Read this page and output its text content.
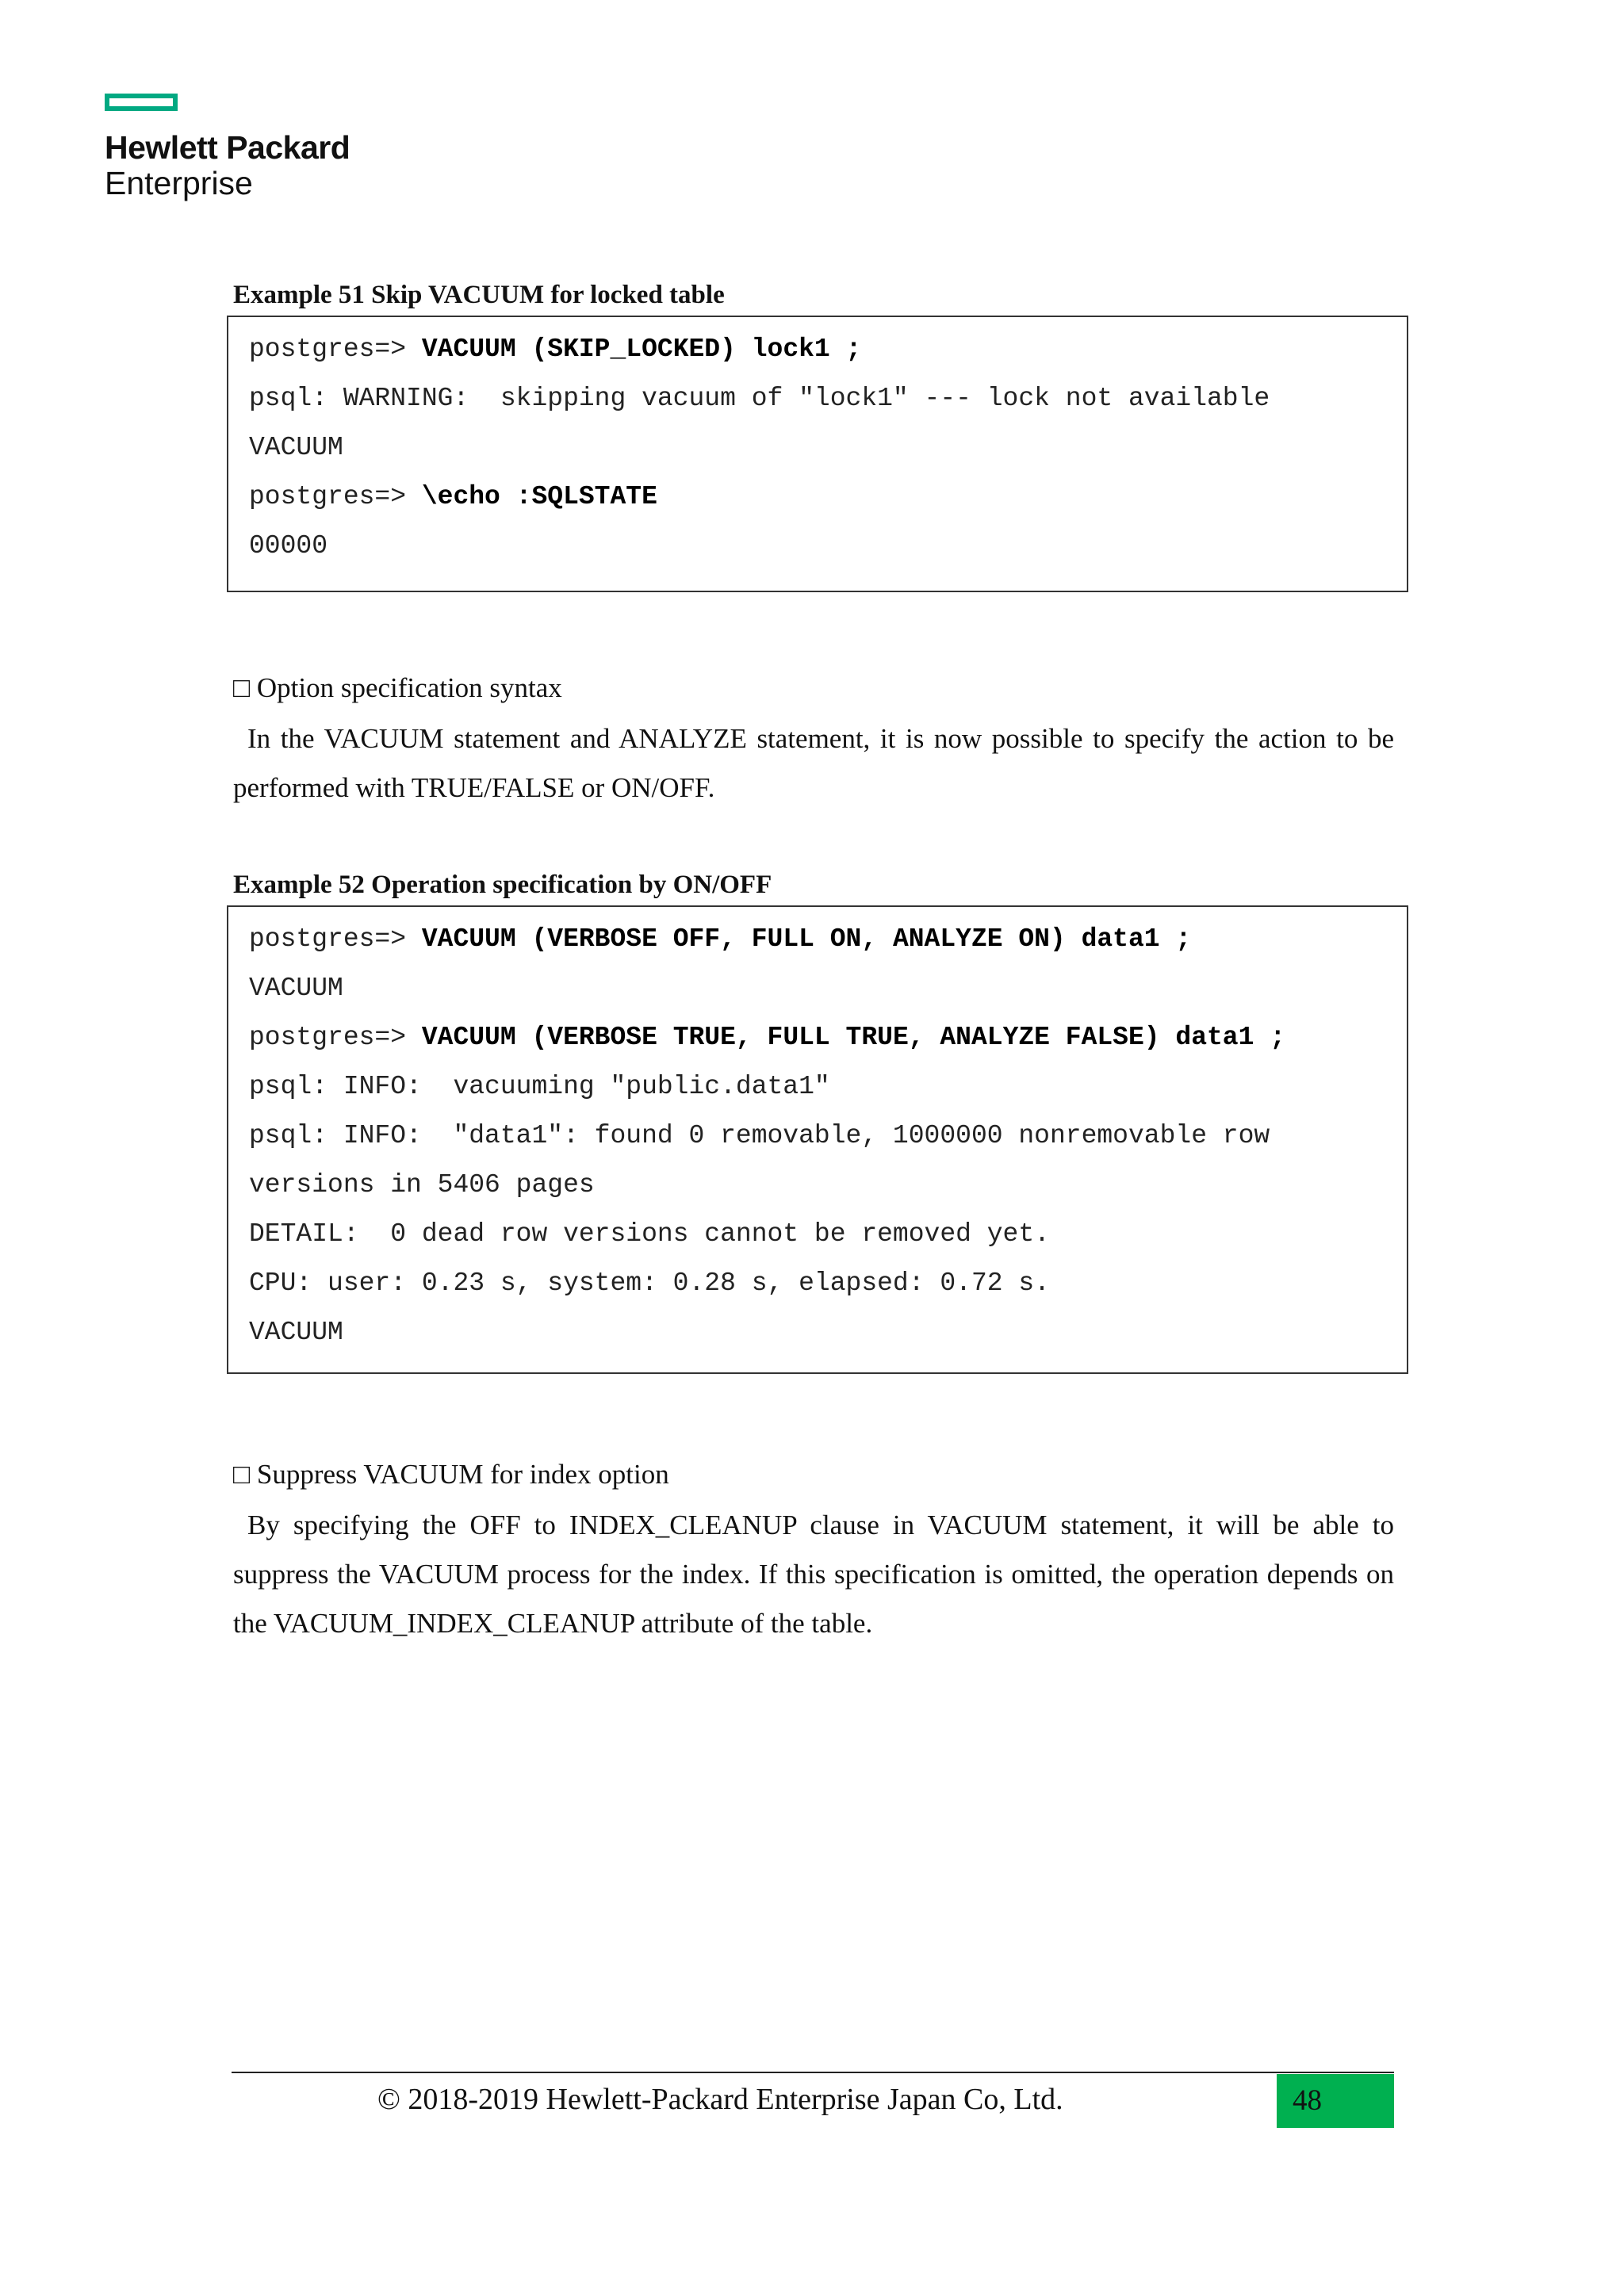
Hewlett Packard
Enterprise
Example 51 Skip VACUUM for locked table
postgres=> VACUUM (SKIP_LOCKED) lock1 ;
psql: WARNING:  skipping vacuum of "lock1" --- lock not available
VACUUM
postgres=> \echo :SQLSTATE
00000
□ Option specification syntax

In the VACUUM statement and ANALYZE statement, it is now possible to specify the action to be performed with TRUE/FALSE or ON/OFF.

Example 52 Operation specification by ON/OFF
postgres=> VACUUM (VERBOSE OFF, FULL ON, ANALYZE ON) data1 ;
VACUUM
postgres=> VACUUM (VERBOSE TRUE, FULL TRUE, ANALYZE FALSE) data1 ;
psql: INFO:  vacuuming "public.data1"
psql: INFO:  "data1": found 0 removable, 1000000 nonremovable row
versions in 5406 pages
DETAIL:  0 dead row versions cannot be removed yet.
CPU: user: 0.23 s, system: 0.28 s, elapsed: 0.72 s.
VACUUM
□ Suppress VACUUM for index option

By specifying the OFF to INDEX_CLEANUP clause in VACUUM statement, it will be able to suppress the VACUUM process for the index. If this specification is omitted, the operation depends on the VACUUM_INDEX_CLEANUP attribute of the table.

© 2018-2019 Hewlett-Packard Enterprise Japan Co, Ltd.	48
